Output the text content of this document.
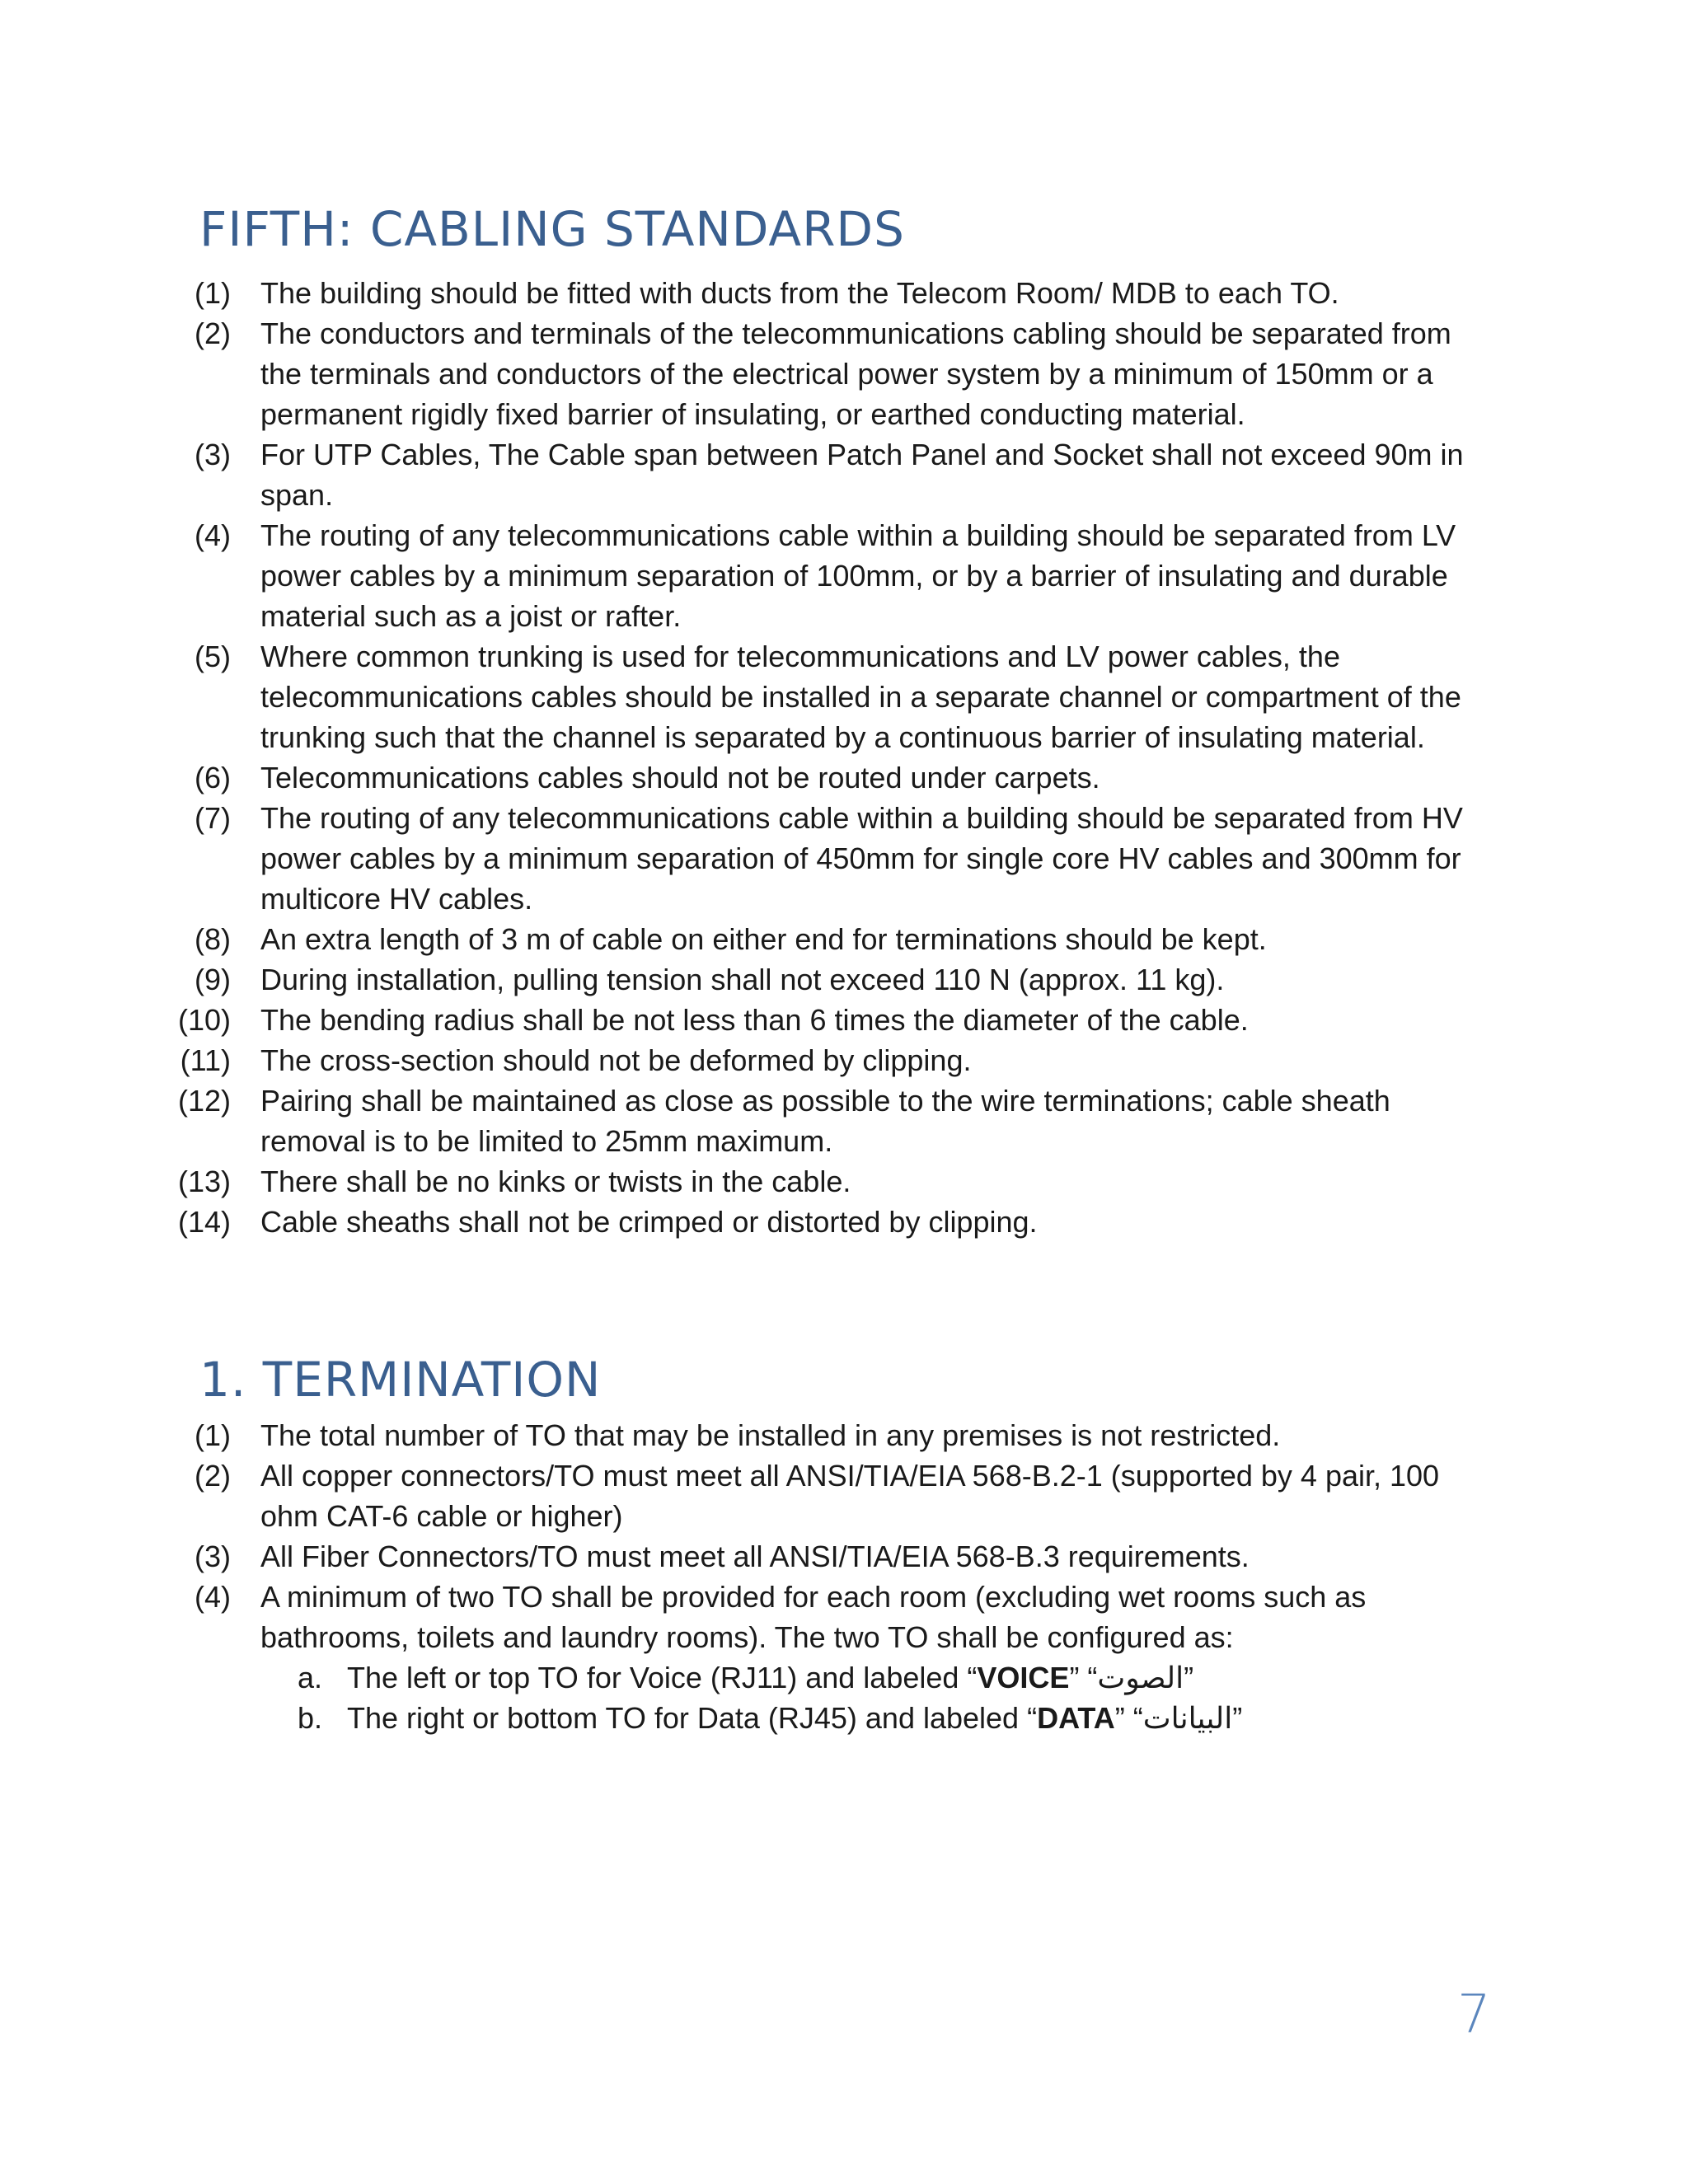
FIFTH: CABLING STANDARDS
(1) The building should be fitted with ducts from the Telecom Room/ MDB to each TO.
(2) The conductors and terminals of the telecommunications cabling should be separated from the terminals and conductors of the electrical power system by a minimum of 150mm or a permanent rigidly fixed barrier of insulating, or earthed conducting material.
(3) For UTP Cables, The Cable span between Patch Panel and Socket shall not exceed 90m in span.
(4) The routing of any telecommunications cable within a building should be separated from LV power cables by a minimum separation of 100mm, or by a barrier of insulating and durable material such as a joist or rafter.
(5) Where common trunking is used for telecommunications and LV power cables, the telecommunications cables should be installed in a separate channel or compartment of the trunking such that the channel is separated by a continuous barrier of insulating material.
(6) Telecommunications cables should not be routed under carpets.
(7) The routing of any telecommunications cable within a building should be separated from HV power cables by a minimum separation of 450mm for single core HV cables and 300mm for multicore HV cables.
(8) An extra length of 3 m of cable on either end for terminations should be kept.
(9) During installation, pulling tension shall not exceed 110 N (approx. 11 kg).
(10) The bending radius shall be not less than 6 times the diameter of the cable.
(11) The cross-section should not be deformed by clipping.
(12) Pairing shall be maintained as close as possible to the wire terminations; cable sheath removal is to be limited to 25mm maximum.
(13) There shall be no kinks or twists in the cable.
(14) Cable sheaths shall not be crimped or distorted by clipping.
1. TERMINATION
(1) The total number of TO that may be installed in any premises is not restricted.
(2) All copper connectors/TO must meet all ANSI/TIA/EIA 568-B.2-1 (supported by 4 pair, 100 ohm CAT-6 cable or higher)
(3) All Fiber Connectors/TO must meet all ANSI/TIA/EIA 568-B.3 requirements.
(4) A minimum of two TO shall be provided for each room (excluding wet rooms such as bathrooms, toilets and laundry rooms). The two TO shall be configured as:
a. The left or top TO for Voice (RJ11) and labeled “VOICE” “الصوت”
b. The right or bottom TO for Data (RJ45) and labeled “DATA” “البيانات”
7
